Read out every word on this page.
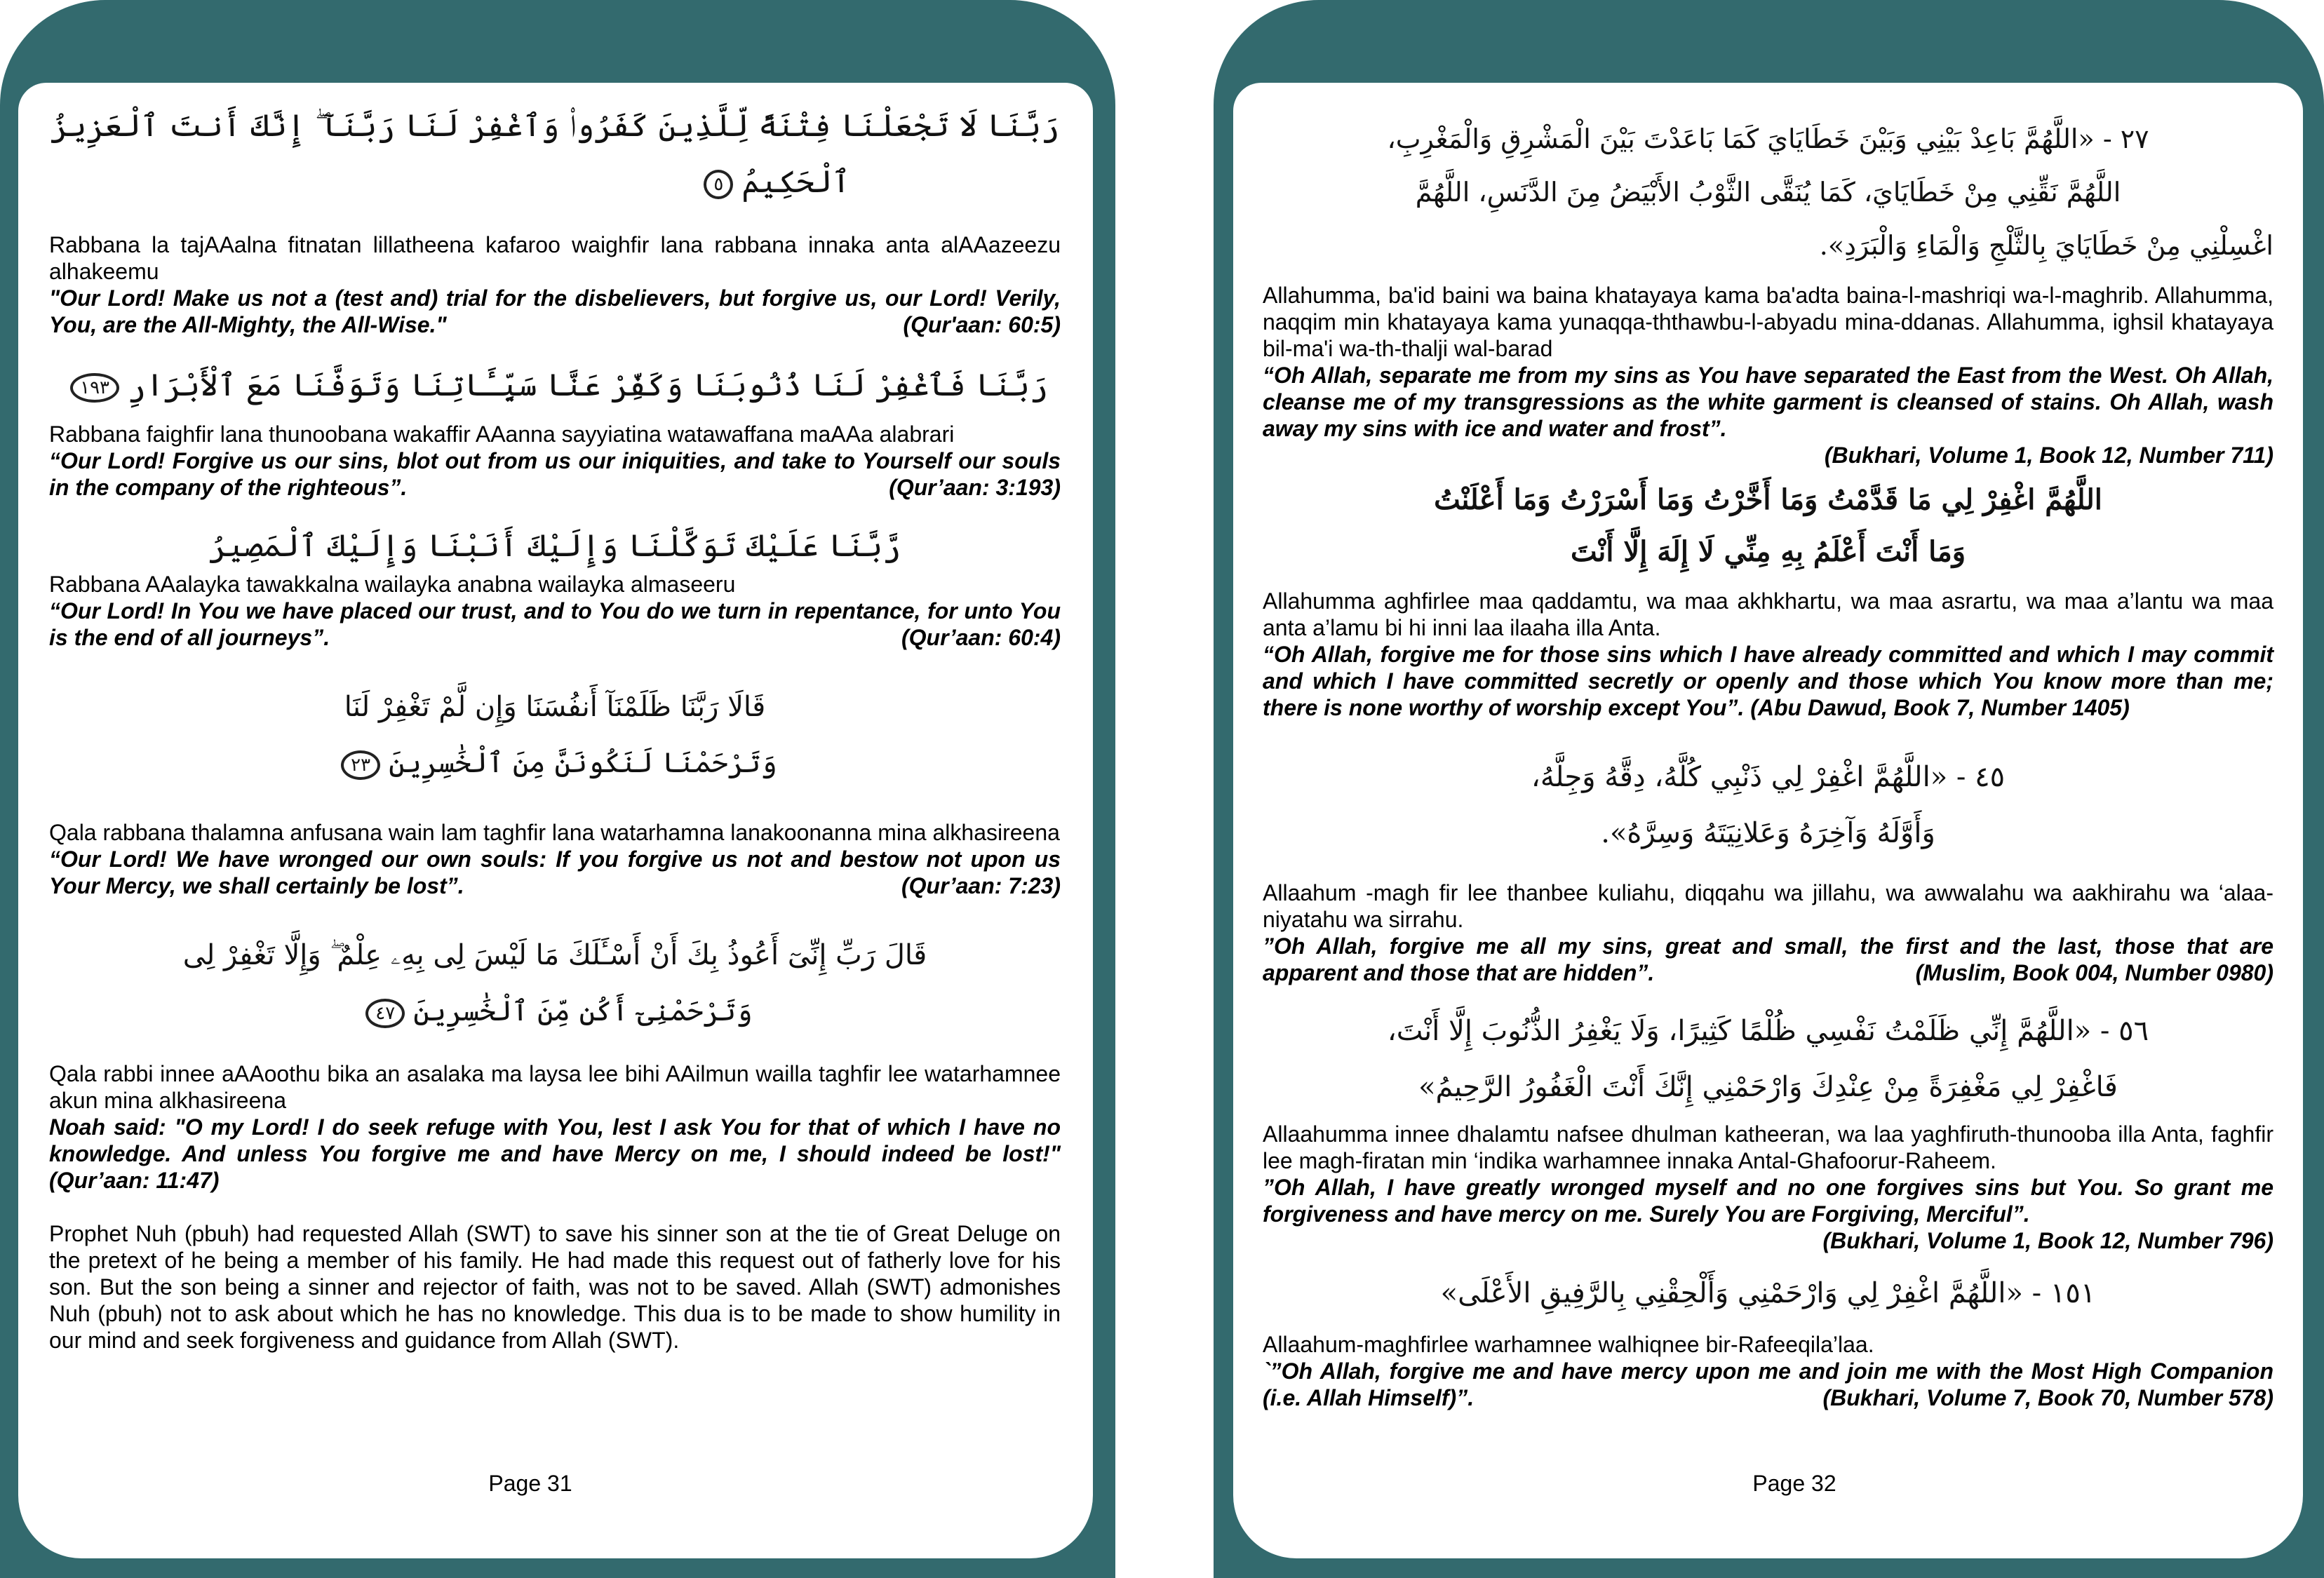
رَبَّنَا لَا تَجْعَلْنَا فِتْنَةً لِّلَّذِينَ كَفَرُوا۟ وَٱغْفِرْ لَنَا رَبَّنَآ ۖ إِنَّكَ أَنتَ ٱلْعَزِيزُ
ٱلْحَكِيمُ٥

Rabbana la tajAAalna fitnatan lillatheena kafaroo waighfir lana rabbana innaka anta alAAazeezu alhakeemu

"Our Lord! Make us not a (test and) trial for the disbelievers, but forgive us, our Lord! Verily, You, are the All-Mighty, the All-Wise."	(Qur'aan: 60:5)

رَبَّنَا فَٱغْفِرْ لَنَا ذُنُوبَنَا وَكَفِّرْ عَنَّا سَيِّـَٔاتِنَا وَتَوَفَّنَا مَعَ ٱلْأَبْرَارِ١٩٣

Rabbana faighfir lana thunoobana wakaffir AAanna sayyiatina watawaffana maAAa alabrari

“Our Lord! Forgive us our sins, blot out from us our iniquities, and take to Yourself our souls in the company of the righteous”.	(Qur’aan: 3:193)

رَّبَّنَا عَلَيْكَ تَوَكَّلْنَا وَإِلَيْكَ أَنَبْنَا وَإِلَيْكَ ٱلْمَصِيرُ

Rabbana AAalayka tawakkalna wailayka anabna wailayka almaseeru

“Our Lord! In You we have placed our trust, and to You do we turn in repentance, for unto You is the end of all journeys”.	(Qur’aan: 60:4)

قَالَا رَبَّنَا ظَلَمْنَآ أَنفُسَنَا وَإِن لَّمْ تَغْفِرْ لَنَا
وَتَرْحَمْنَا لَنَكُونَنَّ مِنَ ٱلْخَٰسِرِينَ٢٣

Qala rabbana thalamna anfusana wain lam taghfir lana watarhamna lanakoonanna mina alkhasireena

“Our Lord! We have wronged our own souls: If you forgive us not and bestow not upon us Your Mercy, we shall certainly be lost”.	(Qur’aan: 7:23)

قَالَ رَبِّ إِنِّىٓ أَعُوذُ بِكَ أَنْ أَسْـَٔلَكَ مَا لَيْسَ لِى بِهِۦ عِلْمٌ ۖ وَإِلَّا تَغْفِرْ لِى
وَتَرْحَمْنِىٓ أَكُن مِّنَ ٱلْخَٰسِرِينَ٤٧

Qala rabbi innee aAAoothu bika an asalaka ma laysa lee bihi AAilmun wailla taghfir lee watarhamnee akun mina alkhasireena

Noah said: "O my Lord! I do seek refuge with You, lest I ask You for that of which I have no knowledge. And unless You forgive me and have Mercy on me, I should indeed be lost!" (Qur’aan: 11:47)

Prophet Nuh (pbuh) had requested Allah (SWT) to save his sinner son at the tie of Great Deluge on the pretext of he being a member of his family. He had made this request out of fatherly love for his son. But the son being a sinner and rejector of faith, was not to be saved. Allah (SWT) admonishes Nuh (pbuh) not to ask about which he has no knowledge. This dua is to be made to show humility in our mind and seek forgiveness and guidance from Allah (SWT).

Page 31
٢٧ - «اللَّهُمَّ بَاعِدْ بَيْنِي وَبَيْنَ خَطَايَايَ كَمَا بَاعَدْتَ بَيْنَ الْمَشْرِقِ وَالْمَغْرِبِ،
اللَّهُمَّ نَقِّنِي مِنْ خَطَايَايَ، كَمَا يُنَقَّى الثَّوْبُ الأَبْيَضُ مِنَ الدَّنَسِ، اللَّهُمَّ
اغْسِلْنِي مِنْ خَطَايَايَ بِالثَّلْجِ وَالْمَاءِ وَالْبَرَدِ».

Allahumma, ba'id baini wa baina khatayaya kama ba'adta baina-l-mashriqi wa-l-maghrib. Allahumma, naqqim min khatayaya kama yunaqqa-ththawbu-l-abyadu mina-ddanas. Allahumma, ighsil khatayaya bil-ma'i wa-th-thalji wal-barad

“Oh Allah, separate me from my sins as You have separated the East from the West. Oh Allah, cleanse me of my transgressions as the white garment is cleansed of stains. Oh Allah, wash away my sins with ice and water and frost”.

(Bukhari, Volume 1, Book 12, Number 711)
اللَّهُمَّ اغْفِرْ لِي مَا قَدَّمْتُ وَمَا أَخَّرْتُ وَمَا أَسْرَرْتُ وَمَا أَعْلَنْتُ
وَمَا أَنْتَ أَعْلَمُ بِهِ مِنِّي لَا إِلَهَ إِلَّا أَنْتَ

Allahumma aghfirlee maa qaddamtu, wa maa akhkhartu, wa maa asrartu, wa maa a’lantu wa maa anta a’lamu bi hi inni laa ilaaha illa Anta.

“Oh Allah, forgive me for those sins which I have already committed and which I may commit and which I have committed secretly or openly and those which You know more than me; there is none worthy of worship except You”. (Abu Dawud, Book 7, Number 1405)

٤٥ - «اللَّهُمَّ اغْفِرْ لِي ذَنْبِي كُلَّهُ، دِقَّهُ وَجِلَّهُ،
وَأَوَّلَهُ وَآخِرَهُ وَعَلانِيَتَهُ وَسِرَّهُ».

Allaahum -magh fir lee thanbee kuliahu, diqqahu wa jillahu, wa awwalahu wa aakhirahu wa ‘alaa-niyatahu wa sirrahu.

”Oh Allah, forgive me all my sins, great and small, the first and the last, those that are apparent and those that are hidden”.	(Muslim, Book 004, Number 0980)

٥٦ - «اللَّهُمَّ إِنِّي ظَلَمْتُ نَفْسِي ظُلْمًا كَثِيرًا، وَلَا يَغْفِرُ الذُّنُوبَ إِلَّا أَنْتَ،
فَاغْفِرْ لِي مَغْفِرَةً مِنْ عِنْدِكَ وَارْحَمْنِي إِنَّكَ أَنْتَ الْغَفُورُ الرَّحِيمُ»

Allaahumma innee dhalamtu nafsee dhulman katheeran, wa laa yaghfiruth-thunooba illa Anta, faghfir lee magh-firatan min ‘indika warhamnee innaka Antal-Ghafoorur-Raheem.

”Oh Allah, I have greatly wronged myself and no one forgives sins but You. So grant me forgiveness and have mercy on me. Surely You are Forgiving, Merciful”.

(Bukhari, Volume 1, Book 12, Number 796)
١٥١ - «اللَّهُمَّ اغْفِرْ لِي وَارْحَمْنِي وَأَلْحِقْنِي بِالرَّفِيقِ الأَعْلَى»

Allaahum-maghfirlee warhamnee walhiqnee bir-Rafeeqila’laa.

`”Oh Allah, forgive me and have mercy upon me and join me with the Most High Companion (i.e. Allah Himself)”.	(Bukhari, Volume 7, Book 70, Number 578)

Page 32
